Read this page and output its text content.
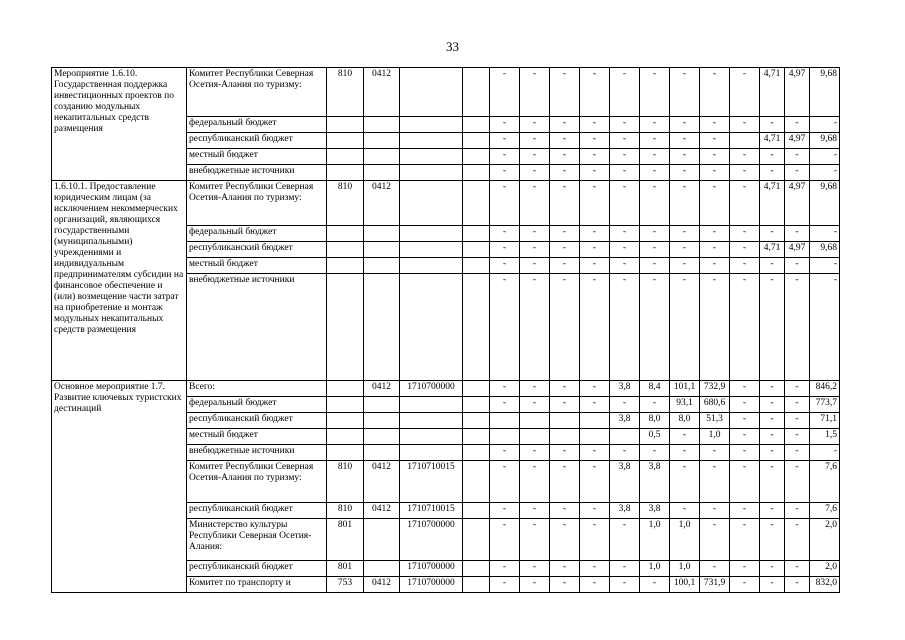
33
Мероприятие 1.6.10. Государственная поддержка инвестиционных проектов по созданию модульных некапитальных средств размещения	Комитет Республики Северная Осетия-Алания по туризму:	810	0412			-	-	-	-	-	-	-	-	-	4,71	4,97	9,68
	федеральный бюджет					-	-	-	-	-	-	-	-	-	-	-	-
	республиканский бюджет					-	-	-	-	-	-	-	-		4,71	4,97	9,68
	местный бюджет					-	-	-	-	-	-	-	-	-	-	-	-
	внебюджетные источники					-	-	-	-	-	-	-	-	-	-	-	-
1.6.10.1. Предоставление юридическим лицам (за исключением некоммерческих организаций, являющихся государственными (муниципальными) учреждениями и индивидуальным предпринимателям субсидии на финансовое обеспечение и (или) возмещение части затрат на приобретение и монтаж модульных некапитальных средств размещения	Комитет Республики Северная Осетия-Алания по туризму:	810	0412			-	-	-	-	-	-	-	-	-	4,71	4,97	9,68
	федеральный бюджет					-	-	-	-	-	-	-	-	-	-	-	-
	республиканский бюджет					-	-	-	-	-	-	-	-	-	4,71	4,97	9,68
	местный бюджет					-	-	-	-	-	-	-	-	-	-	-	-
	внебюджетные источники					-	-	-	-	-	-	-	-	-	-	-	-
Основное мероприятие 1.7. Развитие ключевых туристских дестинаций	Всего:		0412	1710700000		-	-	-	-	3,8	8,4	101,1	732,9	-	-	-	846,2
	федеральный бюджет					-	-	-	-	-	-	93,1	680,6	-	-	-	773,7
	республиканский бюджет									3,8	8,0	8,0	51,3	-	-	-	71,1
	местный бюджет										0,5	-	1,0	-	-	-	1,5
	внебюджетные источники					-	-	-	-	-	-	-	-	-	-	-	-
	Комитет Республики Северная Осетия-Алания по туризму:	810	0412	1710710015		-	-	-	-	3,8	3,8	-	-	-	-	-	7,6
	республиканский бюджет	810	0412	1710710015		-	-	-	-	3,8	3,8	-	-	-	-	-	7,6
	Министерство культуры Республики Северная Осетия-Алания:	801		1710700000		-	-	-	-	-	1,0	1,0	-	-	-	-	2,0
	республиканский бюджет	801		1710700000		-	-	-	-	-	1,0	1,0	-	-	-	-	2,0
	Комитет по транспорту и	753	0412	1710700000		-	-	-	-	-	-	100,1	731,9	-	-	-	832,0
